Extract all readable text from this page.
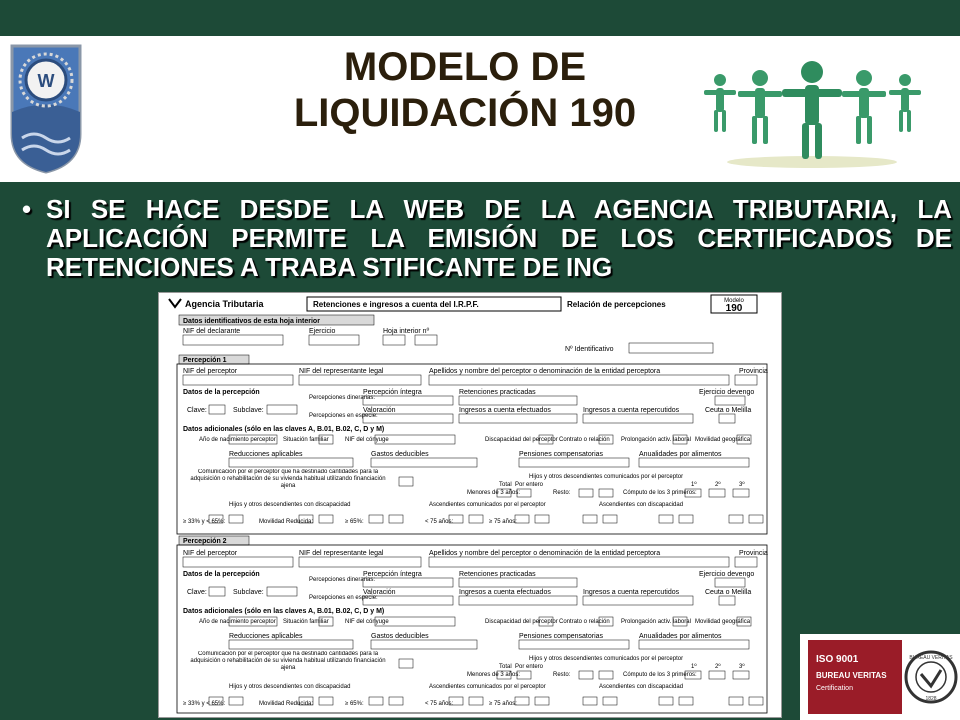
W	MODELO DE
LIQUIDACIÓN 190
• SI SE HACE DESDE LA WEB DE LA AGENCIA TRIBUTARIA, LA APLICACIÓN PERMITE LA EMISIÓN DE LOS CERTIFICADOS DE RETENCIONES A TRABA STIFICANTE DE ING
Agencia Tributaria	Retenciones e ingresos a cuenta del I.R.P.F.	Relación de percepciones	Modelo
190
Datos identificativos de esta hoja interior
NIF del declarante	Ejercicio	Hoja interior nº
Nº Identificativo
Percepción 1
NIF del perceptor	NIF del representante legal	Apellidos y nombre del perceptor o denominación de la entidad perceptora	Provincia
Datos de la percepción	Percepción íntegra	Retenciones practicadas	Ejercicio devengo
Percepciones dinerarias:
Clave:	Subclave:	Valoración	Ingresos a cuenta efectuados	Ingresos a cuenta repercutidos	Ceuta o Melilla
Percepciones en especie:
Datos adicionales (sólo en las claves A, B.01, B.02, C, D y M)
Año de nacimiento perceptor Situación familiar	NIF del cónyuge	Discapacidad del perceptor Contrato o relación Prolongación activ. laboral Movilidad geográfica
Reducciones aplicables	Gastos deducibles	Pensiones compensatorias	Anualidades por alimentos
Comunicación por el perceptor que ha destinado cantidades para la adquisición o rehabilitación de su vivienda habitual utilizando financiación ajena
Hijos y otros descendientes comunicados por el perceptor
Total Por entero
Menores de 3 años:	Resto:	Cómputo de los 3 primeros:
1º	2º	3º
Hijos y otros descendientes con discapacidad	Ascendientes comunicados por el perceptor	Ascendientes con discapacidad
≥ 33% y < 65%:	Movilidad Reducida:	≥ 65%:	< 75 años:	≥ 75 años:
Percepción 2
NIF del perceptor	NIF del representante legal	Apellidos y nombre del perceptor o denominación de la entidad perceptora	Provincia
Datos de la percepción	Percepción íntegra	Retenciones practicadas	Ejercicio devengo
Percepciones dinerarias:
Clave:	Subclave:	Valoración	Ingresos a cuenta efectuados	Ingresos a cuenta repercutidos	Ceuta o Melilla
Percepciones en especie:
Datos adicionales (sólo en las claves A, B.01, B.02, C, D y M)
Año de nacimiento perceptor Situación familiar	NIF del cónyuge	Discapacidad del perceptor Contrato o relación Prolongación activ. laboral Movilidad geográfica
Reducciones aplicables	Gastos deducibles	Pensiones compensatorias	Anualidades por alimentos
Comunicación por el perceptor que ha destinado cantidades para la adquisición o rehabilitación de su vivienda habitual utilizando financiación ajena
Hijos y otros descendientes comunicados por el perceptor
Total Por entero
Menores de 3 años:	Resto:	Cómputo de los 3 primeros:
1º	2º	3º
Hijos y otros descendientes con discapacidad	Ascendientes comunicados por el perceptor	Ascendientes con discapacidad
≥ 33% y < 65%:	Movilidad Reducida:	≥ 65%:	< 75 años:	≥ 75 años:
ISO 9001
BUREAU VERITAS
Certification
BUREAU VERITAS
1828
